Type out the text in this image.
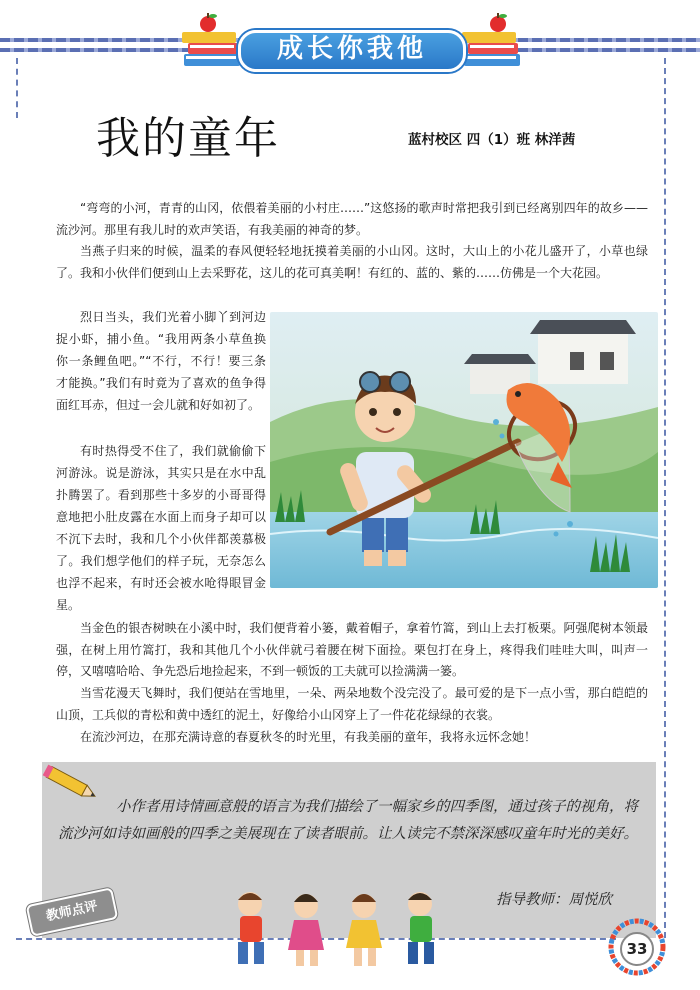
成长你我他
我的童年	蓝村校区 四（1）班 林洋茜

“弯弯的小河，青青的山冈，依偎着美丽的小村庄……”这悠扬的歌声时常把我引到已经离别四年的故乡——流沙河。那里有我儿时的欢声笑语，有我美丽的神奇的梦。

当燕子归来的时候，温柔的春风便轻轻地抚摸着美丽的小山冈。这时，大山上的小花儿盛开了，小草也绿了。我和小伙伴们便到山上去采野花，这儿的花可真美啊！有红的、蓝的、紫的……仿佛是一个大花园。

烈日当头，我们光着小脚丫到河边捉小虾，捕小鱼。“我用两条小草鱼换你一条鲤鱼吧。”“不行，不行！要三条才能换。”我们有时竟为了喜欢的鱼争得面红耳赤，但过一会儿就和好如初了。

有时热得受不住了，我们就偷偷下河游泳。说是游泳，其实只是在水中乱扑腾罢了。看到那些十多岁的小哥哥得意地把小肚皮露在水面上而身子却可以不沉下去时，我和几个小伙伴都羡慕极了。我们想学他们的样子玩，无奈怎么也浮不起来，有时还会被水呛得眼冒金星。

当金色的银杏树映在小溪中时，我们便背着小篓，戴着帽子，拿着竹篙，到山上去打板栗。阿强爬树本领最强，在树上用竹篙打，我和其他几个小伙伴就弓着腰在树下面捡。栗包打在身上，疼得我们哇哇大叫，叫声一停，又嘻嘻哈哈、争先恐后地捡起来，不到一顿饭的工夫就可以捡满满一篓。

当雪花漫天飞舞时，我们便站在雪地里，一朵、两朵地数个没完没了。最可爱的是下一点小雪，那白皑皑的山顶，工兵似的青松和黄中透红的泥土，好像给小山冈穿上了一件花花绿绿的衣裳。

在流沙河边，在那充满诗意的春夏秋冬的时光里，有我美丽的童年，我将永远怀念她！

小作者用诗情画意般的语言为我们描绘了一幅家乡的四季图，通过孩子的视角，将流沙河如诗如画般的四季之美展现在了读者眼前。让人读完不禁深深感叹童年时光的美好。

指导教师：周悦欣
教师点评
33
